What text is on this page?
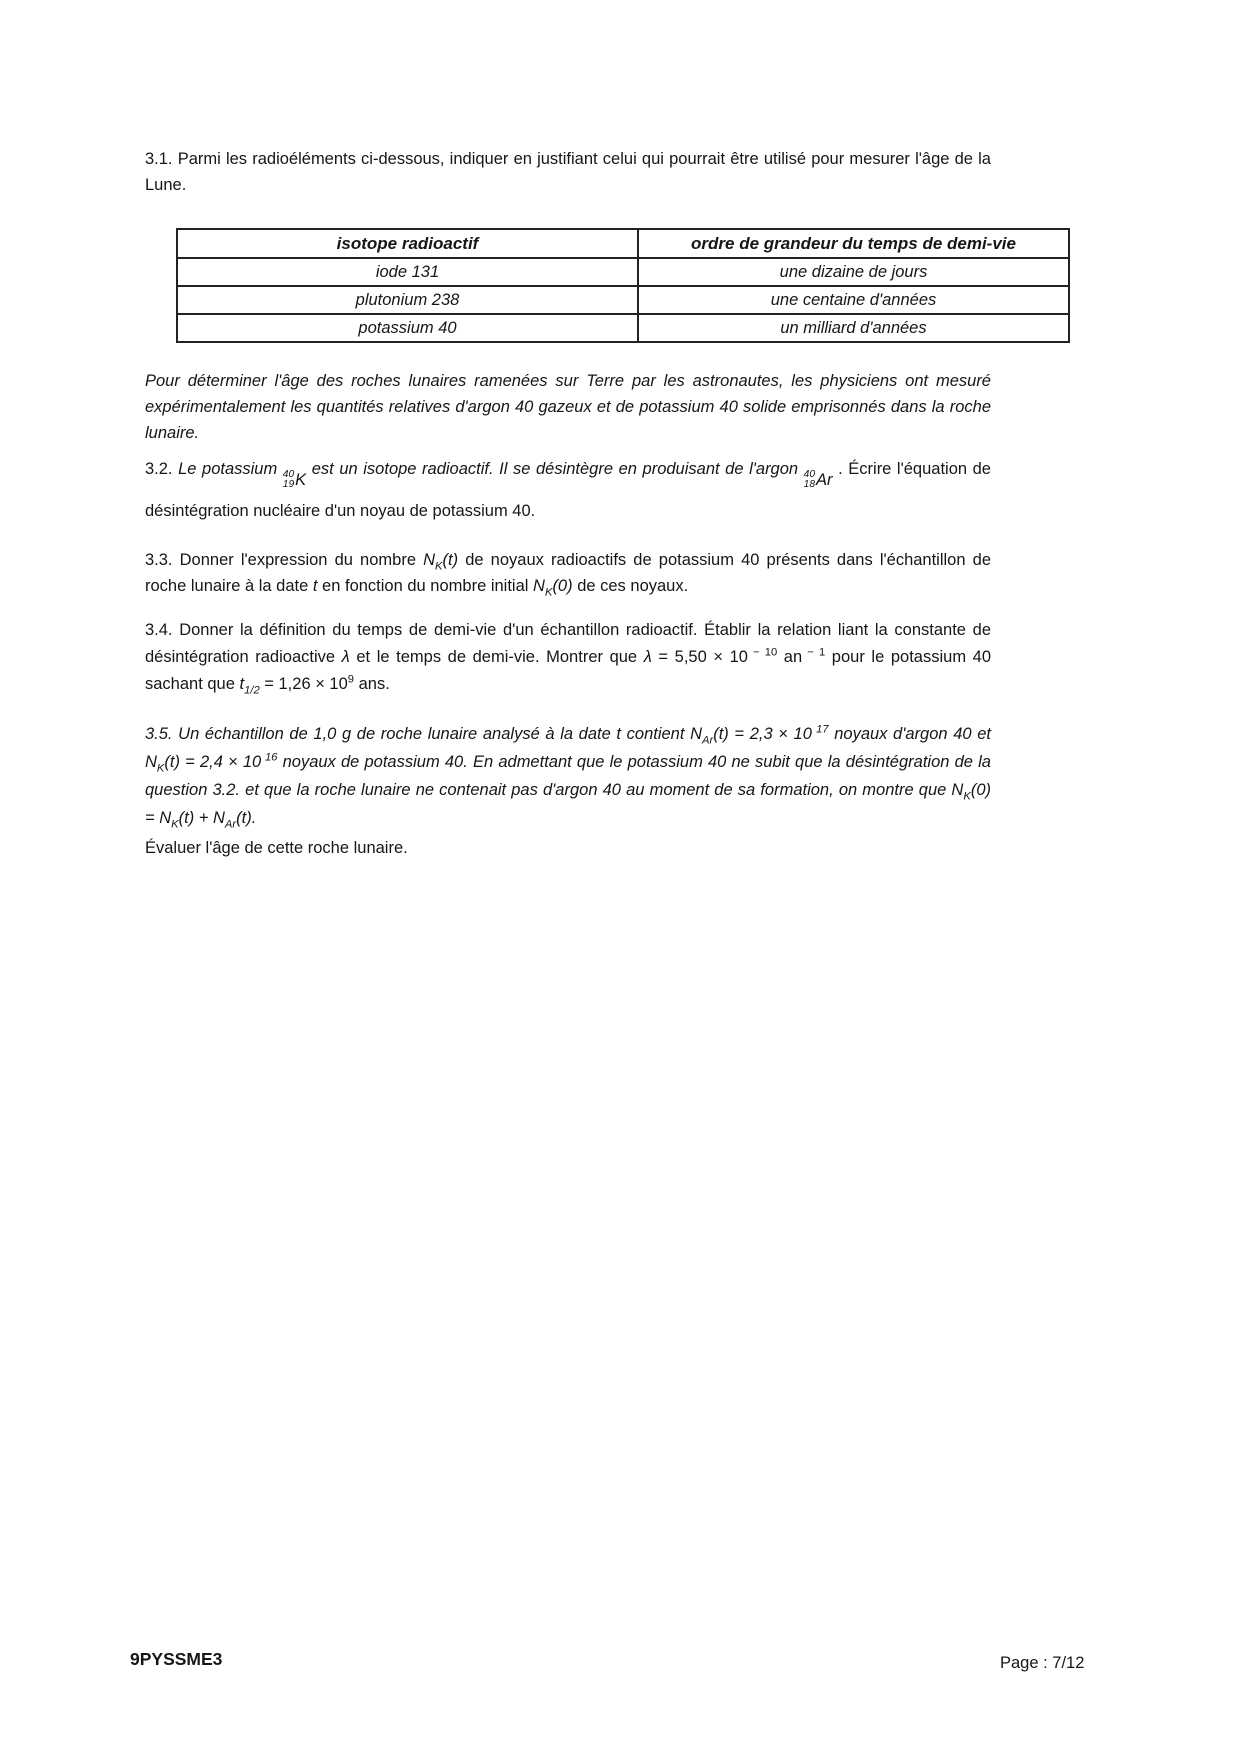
3.1. Parmi les radioéléments ci-dessous, indiquer en justifiant celui qui pourrait être utilisé pour mesurer l'âge de la Lune.

isotope radioactif	ordre de grandeur du temps de demi-vie
iode 131	une dizaine de jours
plutonium 238	une centaine d'années
potassium 40	un milliard d'années

Pour déterminer l'âge des roches lunaires ramenées sur Terre par les astronautes, les physiciens ont mesuré expérimentalement les quantités relatives d'argon 40 gazeux et de potassium 40 solide emprisonnés dans la roche lunaire.

3.2. Le potassium 40
19 K
est un isotope radioactif. Il se désintègre en produisant de l'argon 40
18 Ar
. Écrire l'équation de désintégration nucléaire d'un noyau de potassium 40.

3.3. Donner l'expression du nombre $N_K(t)$ de noyaux radioactifs de potassium 40 présents dans l'échantillon de roche lunaire à la date t en fonction du nombre initial $N_K(0)$ de ces noyaux.

3.4. Donner la définition du temps de demi-vie d'un échantillon radioactif. Établir la relation liant la constante de désintégration radioactive λ et le temps de demi-vie. Montrer que λ = 5,50 × 10 $^{- 10}$ an $^{- 1}$ pour le potassium 40 sachant que $t_{1/2} = 1,26 \times 10^9$ ans.

3.5. Un échantillon de 1,0 g de roche lunaire analysé à la date t contient $N_{Ar}(t) = 2,3 \times 10$ $^{17}$ noyaux d'argon 40 et $N_K(t) = 2,4 \times 10$ $^{16}$ noyaux de potassium 40. En admettant que le potassium 40 ne subit que la désintégration de la question 3.2. et que la roche lunaire ne contenait pas d'argon 40 au moment de sa formation, on montre que $N_K(0) = N_K(t) + N_{Ar}(t)$.

Évaluer l'âge de cette roche lunaire.

9PYSSME3	Page : 7/12
